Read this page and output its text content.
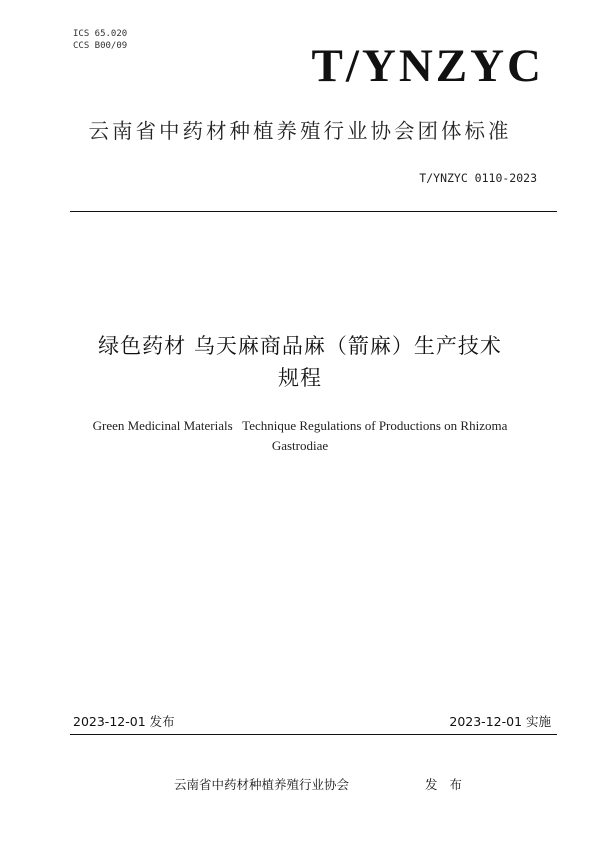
ICS 65.020
CCS B00/09	T/YNZYC
云南省中药材种植养殖行业协会团体标准
T/YNZYC 0110-2023
绿色药材 乌天麻商品麻（箭麻）生产技术
规程
Green Medicinal Materials   Technique Regulations of Productions on Rhizoma
Gastrodiae
2023-12-01 发布	2023-12-01 实施
云南省中药材种植养殖行业协会	发 布
